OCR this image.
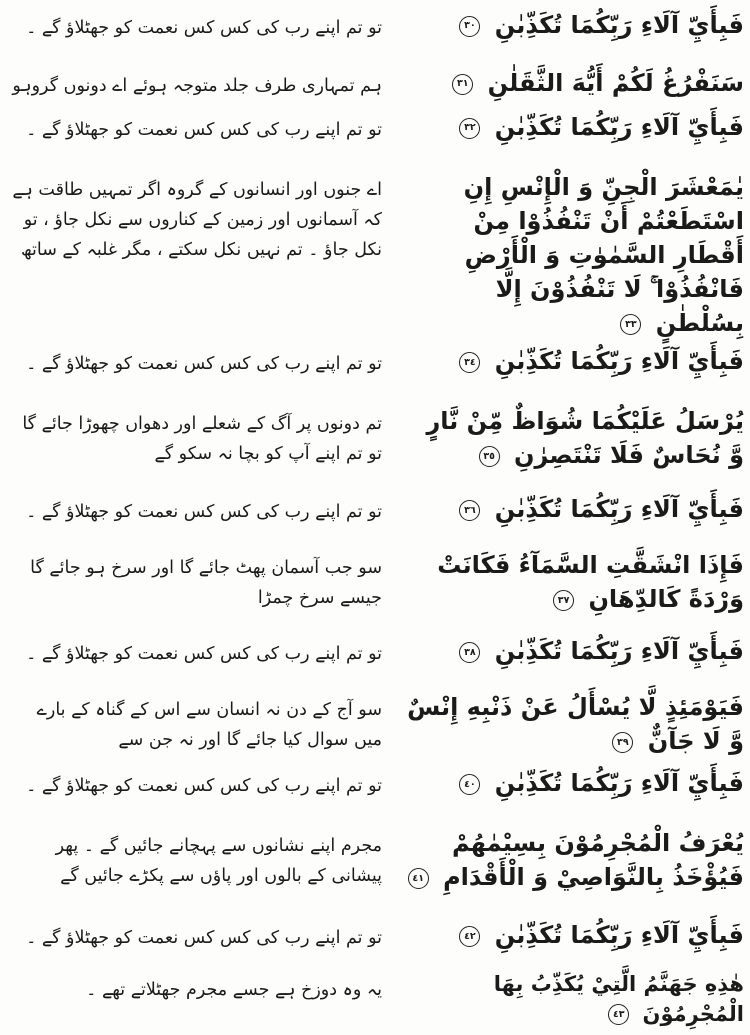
فَبِأَيِّ آلَاءِ رَبِّكُمَا تُكَذِّبٰنِ
٣٠
تو تم اپنے رب کی کس کس نعمت کو جھٹلاؤ گے ۔
سَنَفْرُغُ لَكُمْ أَيُّهَ الثَّقَلٰنِ
٣١
ہم تمہاری طرف جلد متوجہ ہوئے اے دونوں گروہو
فَبِأَيِّ آلَاءِ رَبِّكُمَا تُكَذِّبٰنِ
٣٢
تو تم اپنے رب کی کس کس نعمت کو جھٹلاؤ گے ۔
يٰمَعْشَرَ الْجِنِّ وَ الْإِنْسِ إِنِ اسْتَطَعْتُمْ أَنْ تَنْفُذُوْا مِنْ أَقْطَارِ السَّمٰوٰتِ وَ الْأَرْضِ فَانْفُذُوْا ۚ لَا تَنْفُذُوْنَ إِلَّا بِسُلْطٰنٍ
٣٣
اے جنوں اور انسانوں کے گروہ اگر تمہیں طاقت ہے کہ آسمانوں اور زمین کے کناروں سے نکل جاؤ ، تو نکل جاؤ ۔ تم نہیں نکل سکتے ، مگر غلبہ کے ساتھ
فَبِأَيِّ آلَاءِ رَبِّكُمَا تُكَذِّبٰنِ
٣٤
تو تم اپنے رب کی کس کس نعمت کو جھٹلاؤ گے ۔
يُرْسَلُ عَلَيْكُمَا شُوَاظٌ مِّنْ نَّارٍ وَّ نُحَاسٌ فَلَا تَنْتَصِرٰنِ
٣٥
تم دونوں پر آگ کے شعلے اور دھواں چھوڑا جائے گا تو تم اپنے آپ کو بچا نہ سکو گے
فَبِأَيِّ آلَاءِ رَبِّكُمَا تُكَذِّبٰنِ
٣٦
تو تم اپنے رب کی کس کس نعمت کو جھٹلاؤ گے ۔
فَإِذَا انْشَقَّتِ السَّمَآءُ فَكَانَتْ وَرْدَةً كَالدِّهَانِ
٣٧
سو جب آسمان پھٹ جائے گا اور سرخ ہو جائے گا جیسے سرخ چمڑا
فَبِأَيِّ آلَاءِ رَبِّكُمَا تُكَذِّبٰنِ
٣٨
تو تم اپنے رب کی کس کس نعمت کو جھٹلاؤ گے ۔
فَيَوْمَئِذٍ لَّا يُسْأَلُ عَنْ ذَنْبِهِ إِنْسٌ وَّ لَا جَآنٌّ
٣٩
سو آج کے دن نہ انسان سے اس کے گناہ کے بارے میں سوال کیا جائے گا اور نہ جن سے
فَبِأَيِّ آلَاءِ رَبِّكُمَا تُكَذِّبٰنِ
٤٠
تو تم اپنے رب کی کس کس نعمت کو جھٹلاؤ گے ۔
يُعْرَفُ الْمُجْرِمُوْنَ بِسِيْمٰهُمْ فَيُؤْخَذُ بِالنَّوَاصِيْ وَ الْأَقْدَامِ
٤١
مجرم اپنے نشانوں سے پہچانے جائیں گے ۔ پھر پیشانی کے بالوں اور پاؤں سے پکڑے جائیں گے
فَبِأَيِّ آلَاءِ رَبِّكُمَا تُكَذِّبٰنِ
٤٢
تو تم اپنے رب کی کس کس نعمت کو جھٹلاؤ گے ۔
هٰذِهِ جَهَنَّمُ الَّتِيْ يُكَذِّبُ بِهَا الْمُجْرِمُوْنَ
٤٣
یہ وہ دوزخ ہے جسے مجرم جھٹلاتے تھے ۔
